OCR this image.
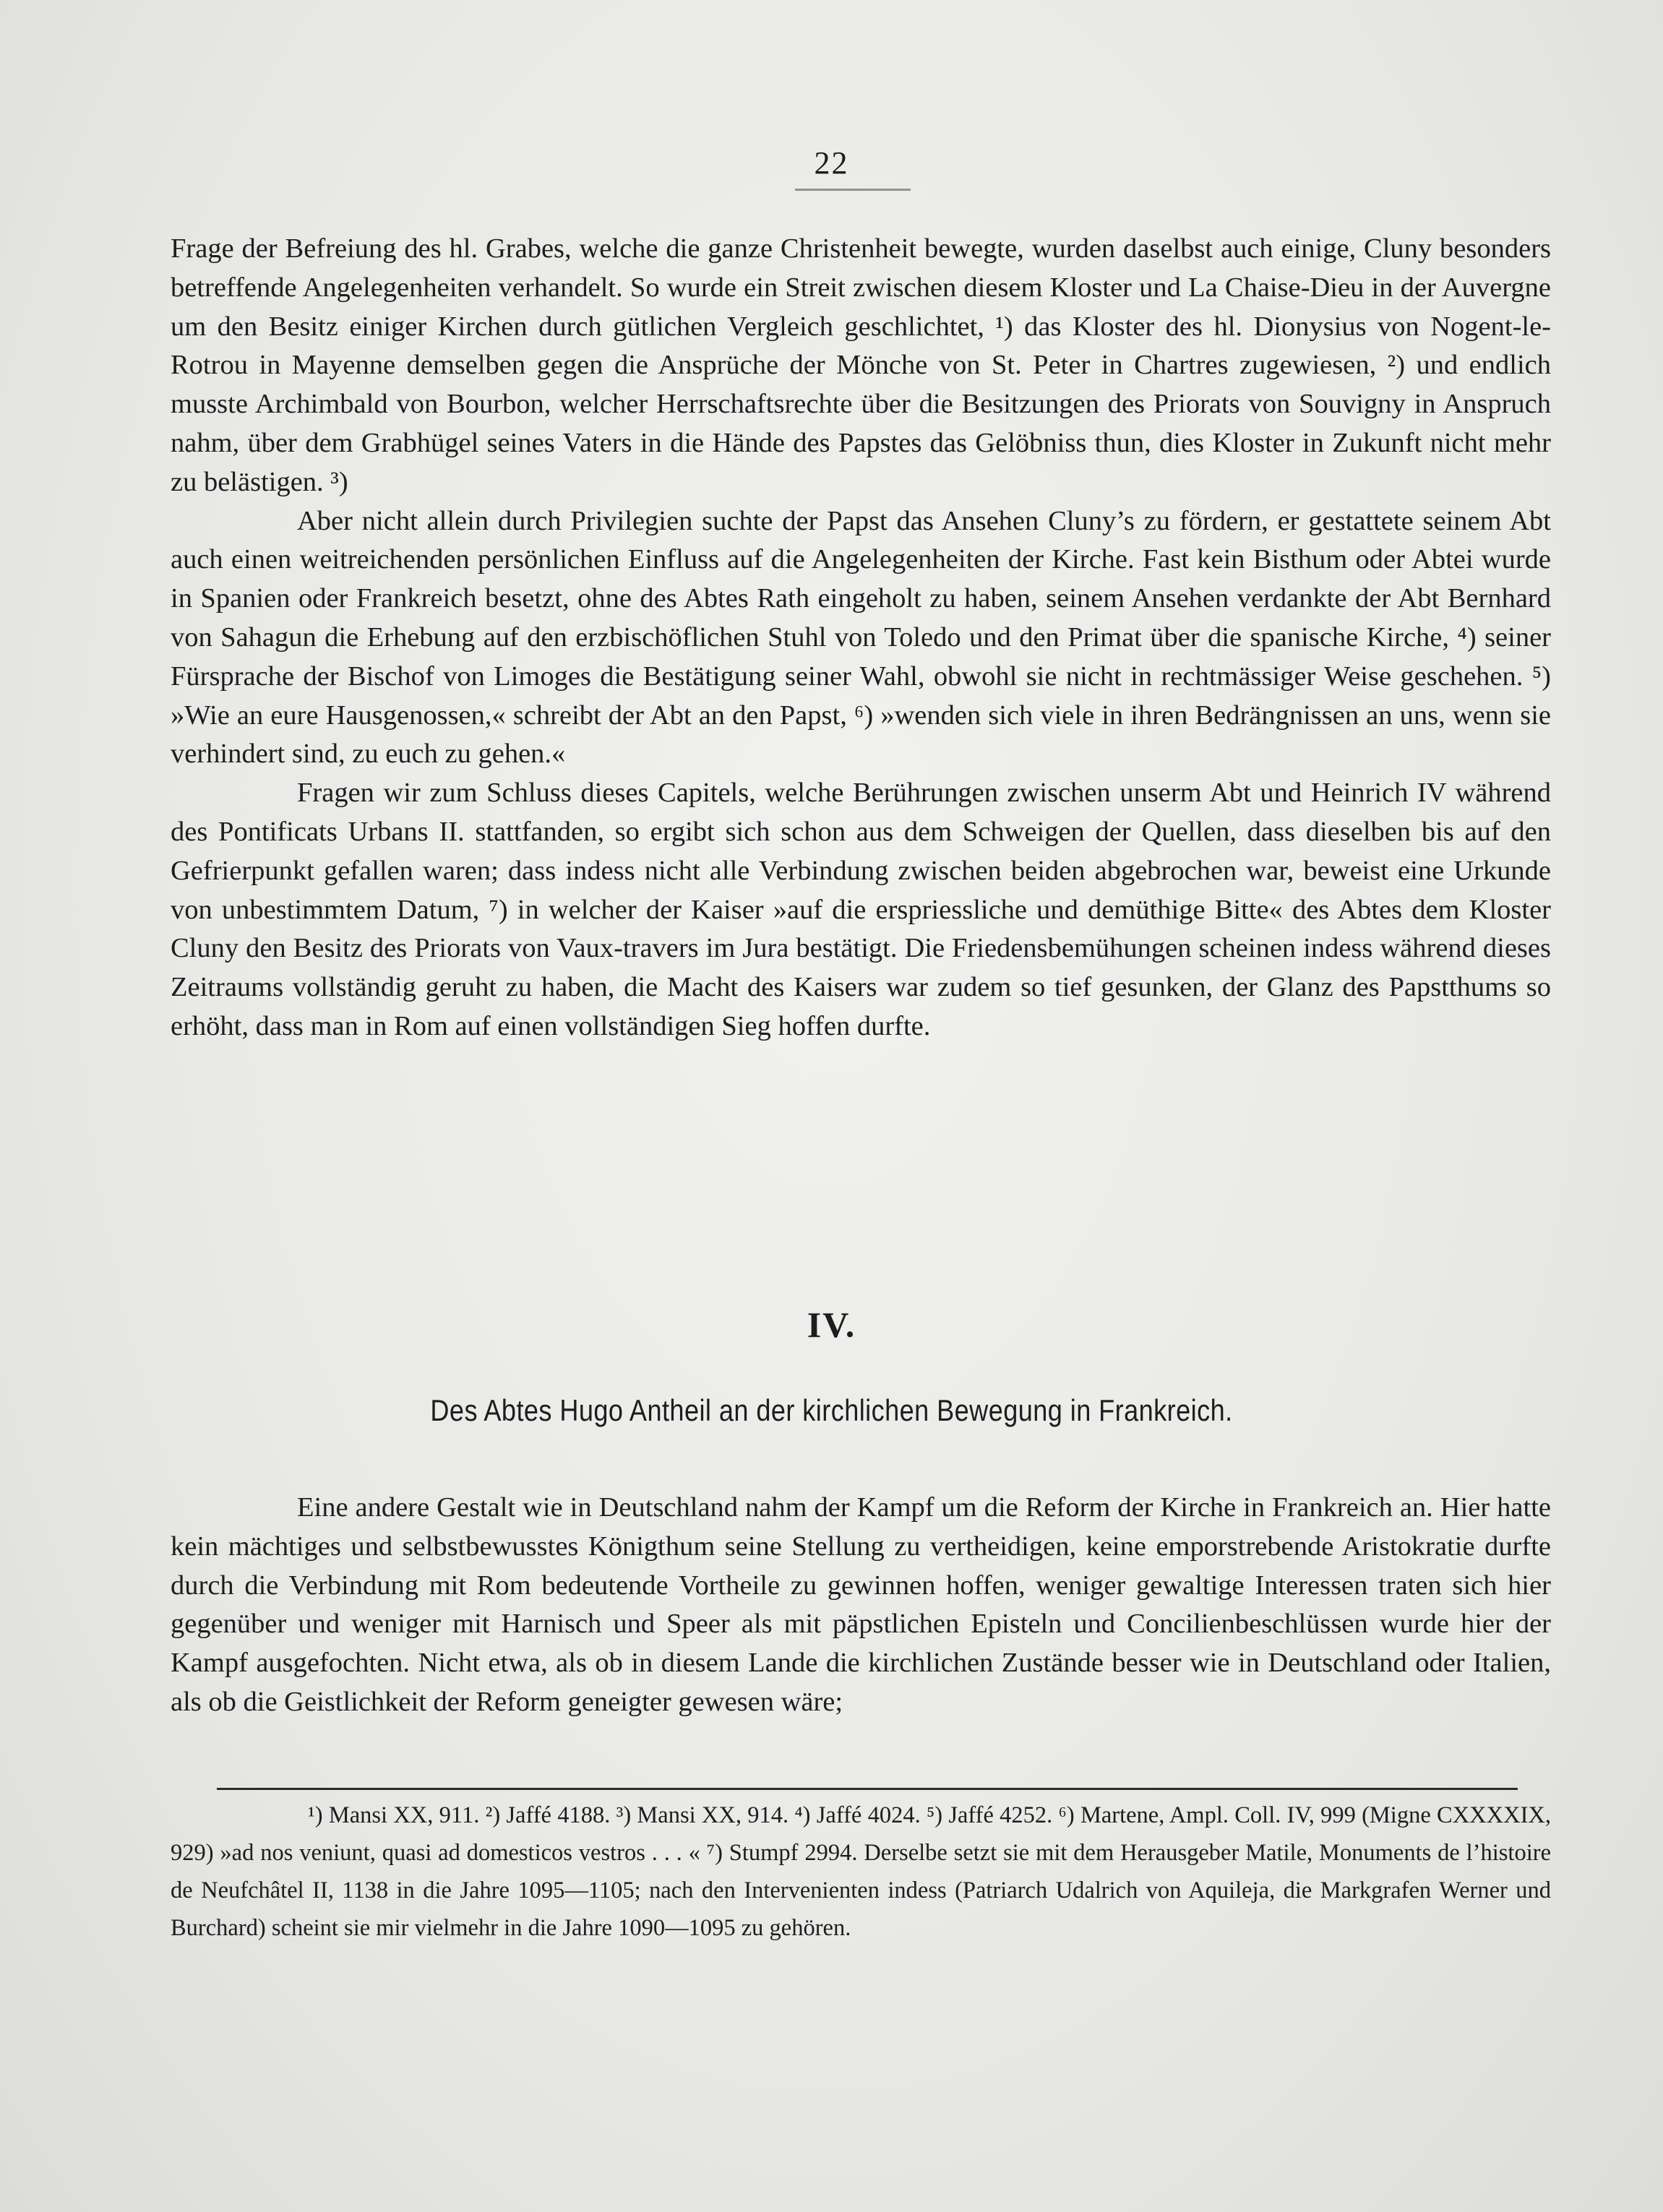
22

Frage der Befreiung des hl. Grabes, welche die ganze Christenheit bewegte, wurden daselbst auch einige, Cluny besonders betreffende Angelegenheiten verhandelt. So wurde ein Streit zwischen diesem Kloster und La Chaise-Dieu in der Auvergne um den Besitz einiger Kirchen durch gütlichen Vergleich geschlichtet, ¹) das Kloster des hl. Dionysius von Nogent-le-Rotrou in Mayenne demselben gegen die Ansprüche der Mönche von St. Peter in Chartres zugewiesen, ²) und endlich musste Archimbald von Bourbon, welcher Herrschaftsrechte über die Besitzungen des Priorats von Souvigny in Anspruch nahm, über dem Grabhügel seines Vaters in die Hände des Papstes das Gelöbniss thun, dies Kloster in Zukunft nicht mehr zu belästigen. ³)

Aber nicht allein durch Privilegien suchte der Papst das Ansehen Cluny’s zu fördern, er gestattete seinem Abt auch einen weitreichenden persönlichen Einfluss auf die Angelegenheiten der Kirche. Fast kein Bisthum oder Abtei wurde in Spanien oder Frankreich besetzt, ohne des Abtes Rath eingeholt zu haben, seinem Ansehen verdankte der Abt Bernhard von Sahagun die Erhebung auf den erzbischöflichen Stuhl von Toledo und den Primat über die spanische Kirche, ⁴) seiner Fürsprache der Bischof von Limoges die Bestätigung seiner Wahl, obwohl sie nicht in rechtmässiger Weise geschehen. ⁵) »Wie an eure Hausgenossen,« schreibt der Abt an den Papst, ⁶) »wenden sich viele in ihren Bedrängnissen an uns, wenn sie verhindert sind, zu euch zu gehen.«

Fragen wir zum Schluss dieses Capitels, welche Berührungen zwischen unserm Abt und Heinrich IV während des Pontificats Urbans II. stattfanden, so ergibt sich schon aus dem Schweigen der Quellen, dass dieselben bis auf den Gefrierpunkt gefallen waren; dass indess nicht alle Verbindung zwischen beiden abgebrochen war, beweist eine Urkunde von unbestimmtem Datum, ⁷) in welcher der Kaiser »auf die erspriessliche und demüthige Bitte« des Abtes dem Kloster Cluny den Besitz des Priorats von Vaux-travers im Jura bestätigt. Die Friedensbemühungen scheinen indess während dieses Zeitraums vollständig geruht zu haben, die Macht des Kaisers war zudem so tief gesunken, der Glanz des Papstthums so erhöht, dass man in Rom auf einen vollständigen Sieg hoffen durfte.

IV.
Des Abtes Hugo Antheil an der kirchlichen Bewegung in Frankreich.

Eine andere Gestalt wie in Deutschland nahm der Kampf um die Reform der Kirche in Frankreich an. Hier hatte kein mächtiges und selbstbewusstes Königthum seine Stellung zu vertheidigen, keine emporstrebende Aristokratie durfte durch die Verbindung mit Rom bedeutende Vortheile zu gewinnen hoffen, weniger gewaltige Interessen traten sich hier gegenüber und weniger mit Harnisch und Speer als mit päpstlichen Episteln und Concilienbeschlüssen wurde hier der Kampf ausgefochten. Nicht etwa, als ob in diesem Lande die kirchlichen Zustände besser wie in Deutschland oder Italien, als ob die Geistlichkeit der Reform geneigter gewesen wäre;

¹) Mansi XX, 911. ²) Jaffé 4188. ³) Mansi XX, 914. ⁴) Jaffé 4024. ⁵) Jaffé 4252. ⁶) Martene, Ampl. Coll. IV, 999 (Migne CXXXXIX, 929) »ad nos veniunt, quasi ad domesticos vestros . . . « ⁷) Stumpf 2994. Derselbe setzt sie mit dem Herausgeber Matile, Monuments de l’histoire de Neufchâtel II, 1138 in die Jahre 1095—1105; nach den Intervenienten indess (Patriarch Udalrich von Aquileja, die Markgrafen Werner und Burchard) scheint sie mir vielmehr in die Jahre 1090—1095 zu gehören.
